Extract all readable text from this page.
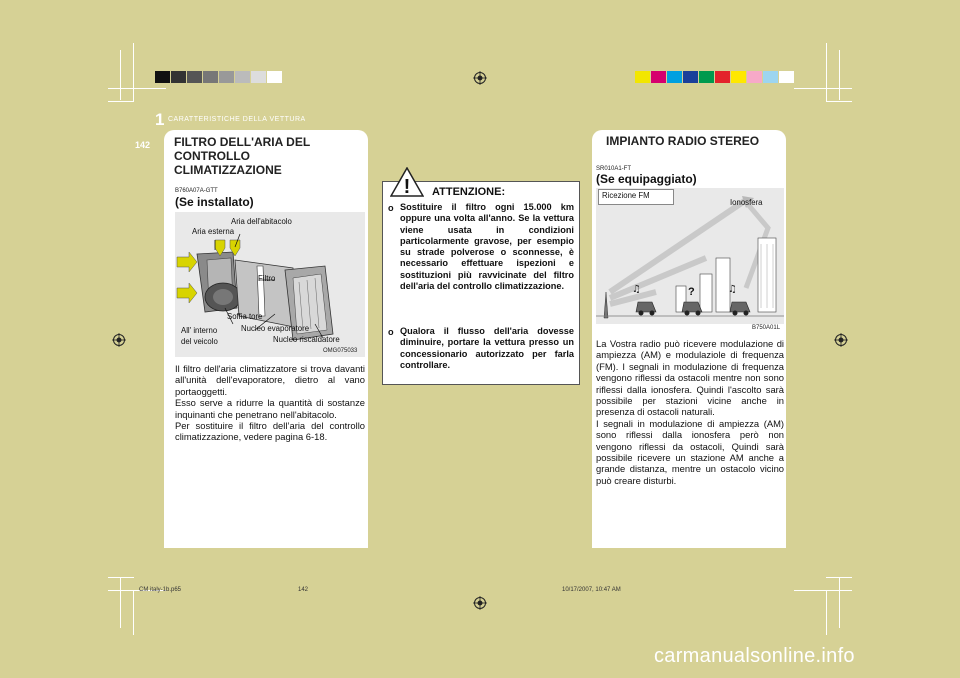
1 CARATTERISTICHE DELLA VETTURA
142 FILTRO DELL'ARIA DEL
CONTROLLO
CLIMATIZZAZIONE
B760A07A-GTT
(Se installato)
Aria dell'abitacolo
Aria esterna
Filtro
Soffia tore
Nucleo evaporatore
Nucleo riscaldatore
All' interno
del veicolo
OMG075033
Il filtro dell'aria climatizzatore si trova davanti all'unità dell'evaporatore, dietro al vano portaoggetti.
Esso serve a ridurre la quantità di sostanze inquinanti che penetrano nell'abitacolo.
Per sostituire il filtro dell’aria del controllo climatizzazione, vedere pagina 6-18.
! ATTENZIONE:
o Sostituire il filtro ogni 15.000 km oppure una volta all'anno. Se la vettura viene usata in condizioni particolarmente gravose, per esempio su strade polverose o sconnesse, è necessario effettuare ispezioni e sostituzioni più ravvicinate del filtro dell'aria del controllo climatizzazione.
o Qualora il flusso dell'aria dovesse diminuire, portare la vettura presso un concessionario autorizzato per farla controllare.
IMPIANTO RADIO STEREO
SR010A1-FT
(Se equipaggiato)
♫	♫
Ricezione FM
Ionosfera
?
B750A01L
La Vostra radio può ricevere modulazione di ampiezza (AM) e modulaziole di frequenza (FM). I segnali in modulazione di frequenza vengono riflessi da ostacoli mentre non sono riflessi dalla ionosfera. Quindi l'ascolto sarà possibile per stazioni vicine anche in presenza di ostacoli naturali.
I segnali in modulazione di ampiezza (AM) sono riflessi dalla ionosfera però non vengono riflessi da ostacoli, Quindi sarà possibile ricevere un stazione AM anche a grande distanza, mentre un ostacolo vicino può creare disturbi.
CM italy-1b.p65	142	10/17/2007, 10:47 AM
carmanualsonline.info
